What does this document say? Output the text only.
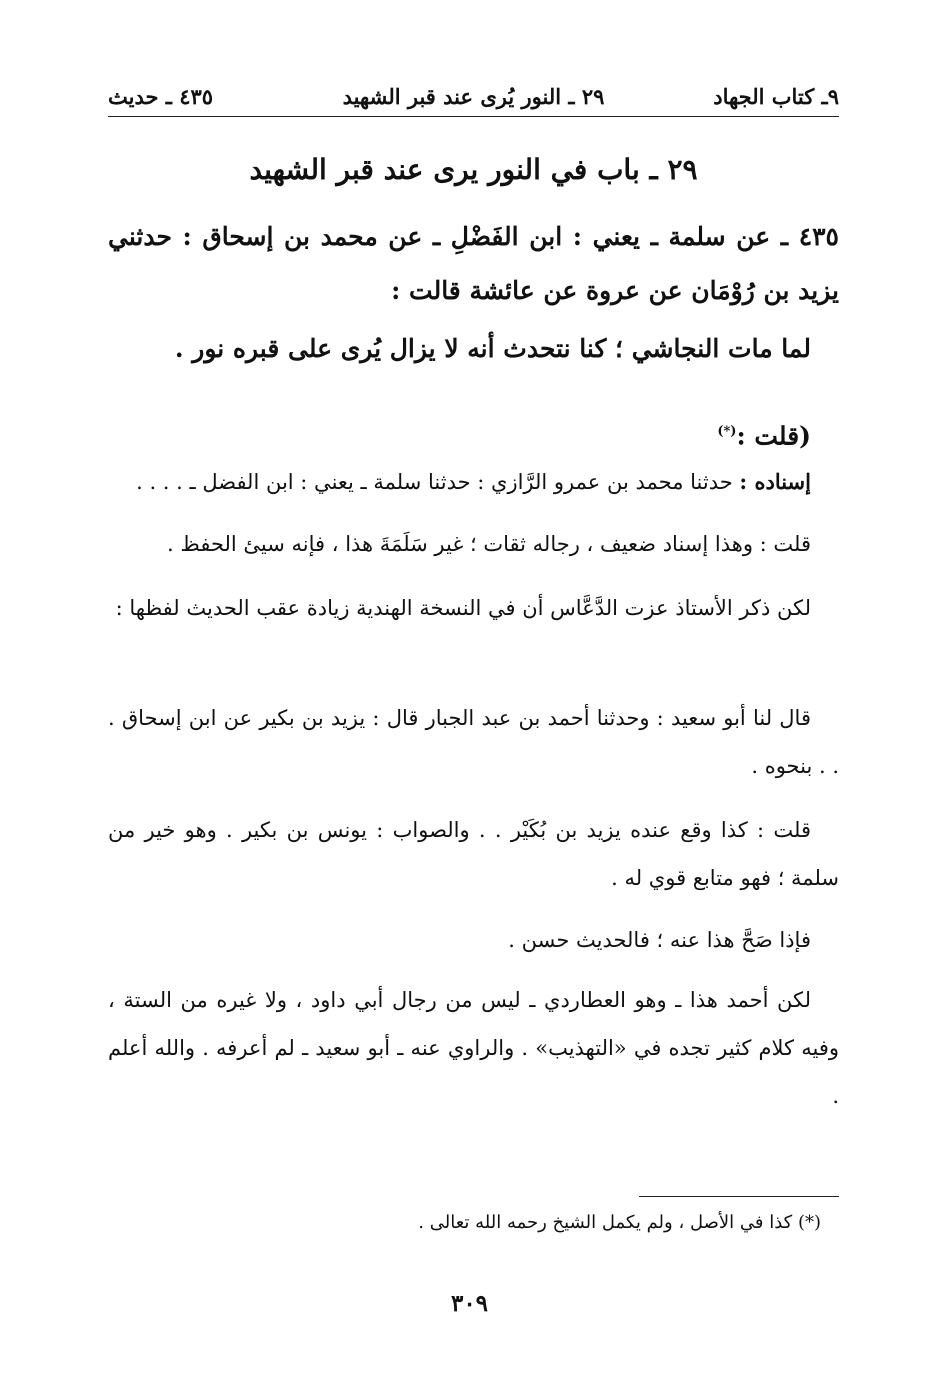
٩ـ كتاب الجهاد
٢٩ ـ النور يُرى عند قبر الشهيد
٤٣٥ ـ حديث
٢٩ ـ باب في النور يرى عند قبر الشهيد
٤٣٥ ـ عن سلمة ـ يعني : ابن الفَضْلِ ـ عن محمد بن إسحاق : حدثني يزيد بن رُوْمَان عن عروة عن عائشة قالت :
لما مات النجاشي ؛ كنا نتحدث أنه لا يزال يُرى على قبره نور .
(قلت :(*)
إسناده : حدثنا محمد بن عمرو الرَّازي : حدثنا سلمة ـ يعني : ابن الفضل ـ . . . .
قلت : وهذا إسناد ضعيف ، رجاله ثقات ؛ غير سَلَمَةَ هذا ، فإنه سيئ الحفظ .
لكن ذكر الأستاذ عزت الدَّعَّاس أن في النسخة الهندية زيادة عقب الحديث لفظها :
قال لنا أبو سعيد : وحدثنا أحمد بن عبد الجبار قال : يزيد بن بكير عن ابن إسحاق . . . بنحوه .
قلت : كذا وقع عنده يزيد بن بُكَيْر . . والصواب : يونس بن بكير . وهو خير من سلمة ؛ فهو متابع قوي له .
فإذا صَحَّ هذا عنه ؛ فالحديث حسن .
لكن أحمد هذا ـ وهو العطاردي ـ ليس من رجال أبي داود ، ولا غيره من الستة ، وفيه كلام كثير تجده في «التهذيب» . والراوي عنه ـ أبو سعيد ـ لم أعرفه . والله أعلم .
(*) كذا في الأصل ، ولم يكمل الشيخ رحمه الله تعالى .
٣٠٩
